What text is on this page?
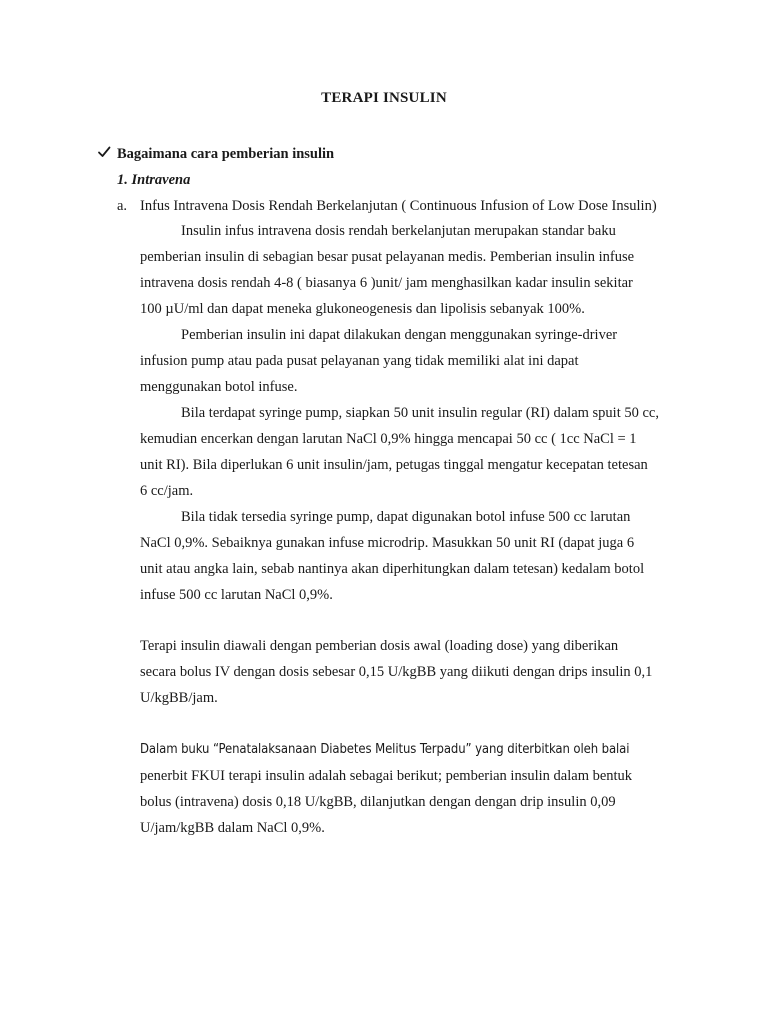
TERAPI INSULIN
Bagaimana cara pemberian insulin
1. Intravena
a. Infus Intravena Dosis Rendah Berkelanjutan ( Continuous Infusion of Low Dose Insulin)
Insulin infus intravena dosis rendah berkelanjutan merupakan standar baku
pemberian insulin di sebagian besar pusat pelayanan medis. Pemberian insulin infuse
intravena dosis rendah 4-8 ( biasanya 6 )unit/ jam menghasilkan kadar insulin sekitar
100 µU/ml dan dapat meneka glukoneogenesis dan lipolisis sebanyak 100%.
Pemberian insulin ini dapat dilakukan dengan menggunakan syringe-driver
infusion pump atau pada pusat pelayanan yang tidak memiliki alat ini dapat
menggunakan botol infuse.
Bila terdapat syringe pump, siapkan 50 unit insulin regular (RI) dalam spuit 50 cc,
kemudian encerkan dengan larutan NaCl 0,9% hingga mencapai 50 cc ( 1cc NaCl = 1
unit RI). Bila diperlukan 6 unit insulin/jam, petugas tinggal mengatur kecepatan tetesan
6 cc/jam.
Bila tidak tersedia syringe pump, dapat digunakan botol infuse 500 cc larutan
NaCl 0,9%. Sebaiknya gunakan infuse microdrip. Masukkan 50 unit RI (dapat juga 6
unit atau angka lain, sebab nantinya akan diperhitungkan dalam tetesan) kedalam botol
infuse 500 cc larutan NaCl 0,9%.
Terapi insulin diawali dengan pemberian dosis awal (loading dose) yang diberikan
secara bolus IV dengan dosis sebesar 0,15 U/kgBB yang diikuti dengan drips insulin 0,1
U/kgBB/jam.
Dalam buku “Penatalaksanaan Diabetes Melitus Terpadu” yang diterbitkan oleh balai
penerbit FKUI terapi insulin adalah sebagai berikut; pemberian insulin dalam bentuk
bolus (intravena) dosis 0,18 U/kgBB, dilanjutkan dengan dengan drip insulin 0,09
U/jam/kgBB dalam NaCl 0,9%.
